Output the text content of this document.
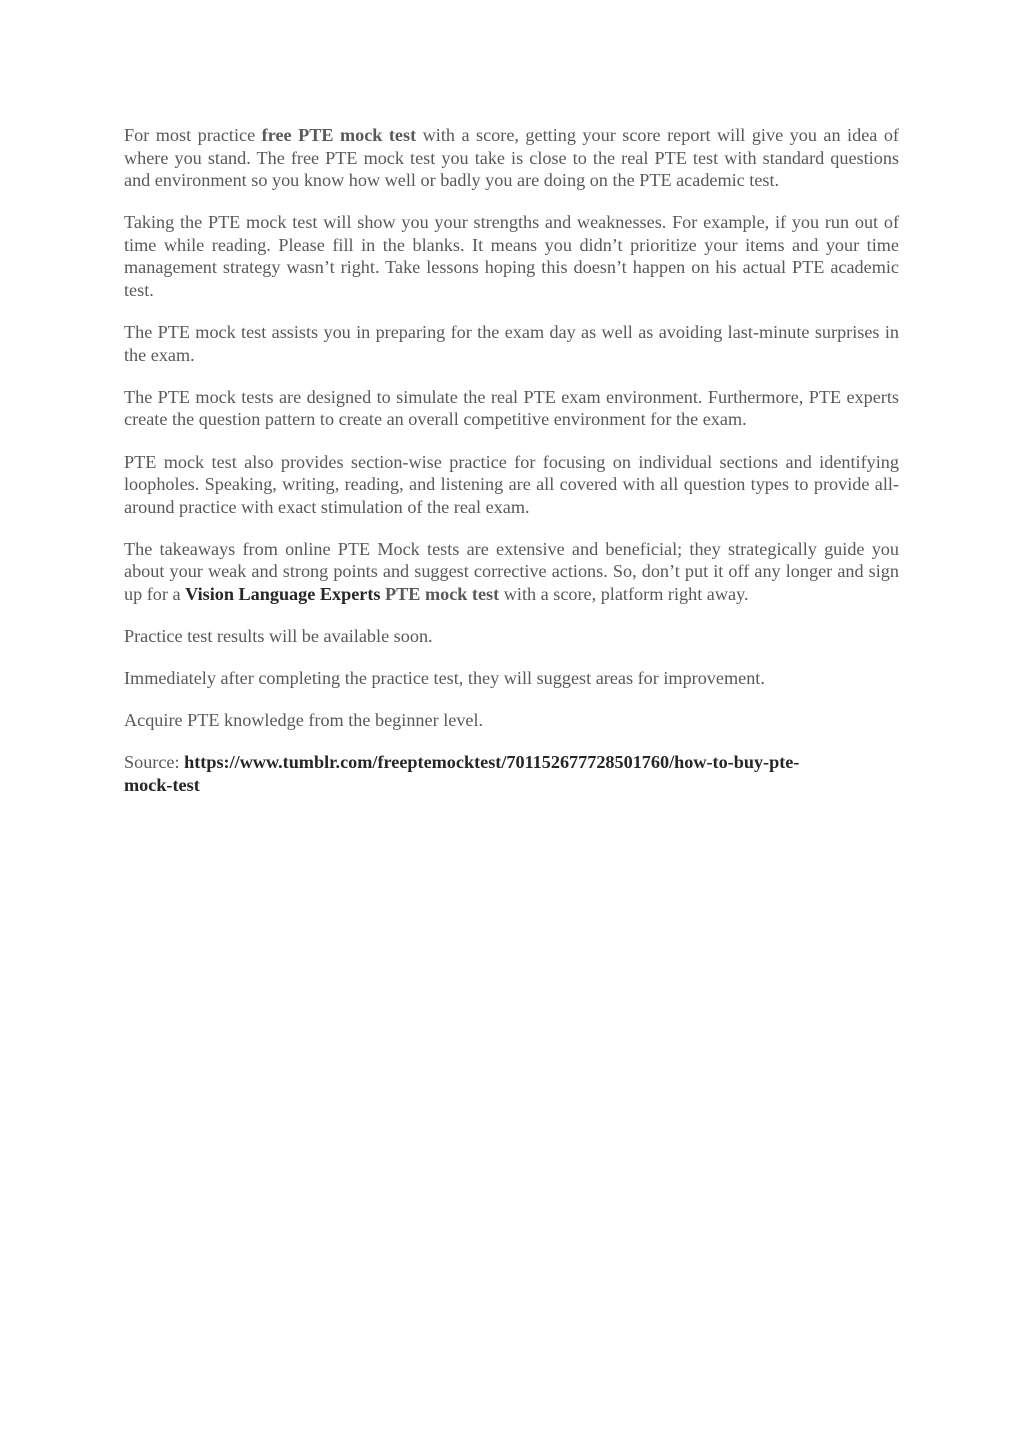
For most practice free PTE mock test with a score, getting your score report will give you an idea of where you stand. The free PTE mock test you take is close to the real PTE test with standard questions and environment so you know how well or badly you are doing on the PTE academic test.

Taking the PTE mock test will show you your strengths and weaknesses. For example, if you run out of time while reading. Please fill in the blanks. It means you didn’t prioritize your items and your time management strategy wasn’t right. Take lessons hoping this doesn’t happen on his actual PTE academic test.

The PTE mock test assists you in preparing for the exam day as well as avoiding last-minute surprises in the exam.

The PTE mock tests are designed to simulate the real PTE exam environment. Furthermore, PTE experts create the question pattern to create an overall competitive environment for the exam.

PTE mock test also provides section-wise practice for focusing on individual sections and identifying loopholes. Speaking, writing, reading, and listening are all covered with all question types to provide all-around practice with exact stimulation of the real exam.

The takeaways from online PTE Mock tests are extensive and beneficial; they strategically guide you about your weak and strong points and suggest corrective actions. So, don’t put it off any longer and sign up for a Vision Language Experts PTE mock test with a score, platform right away.

Practice test results will be available soon.

Immediately after completing the practice test, they will suggest areas for improvement.

Acquire PTE knowledge from the beginner level.

Source: https://www.tumblr.com/freeptemocktest/701152677728501760/how-to-buy-pte-
mock-test
